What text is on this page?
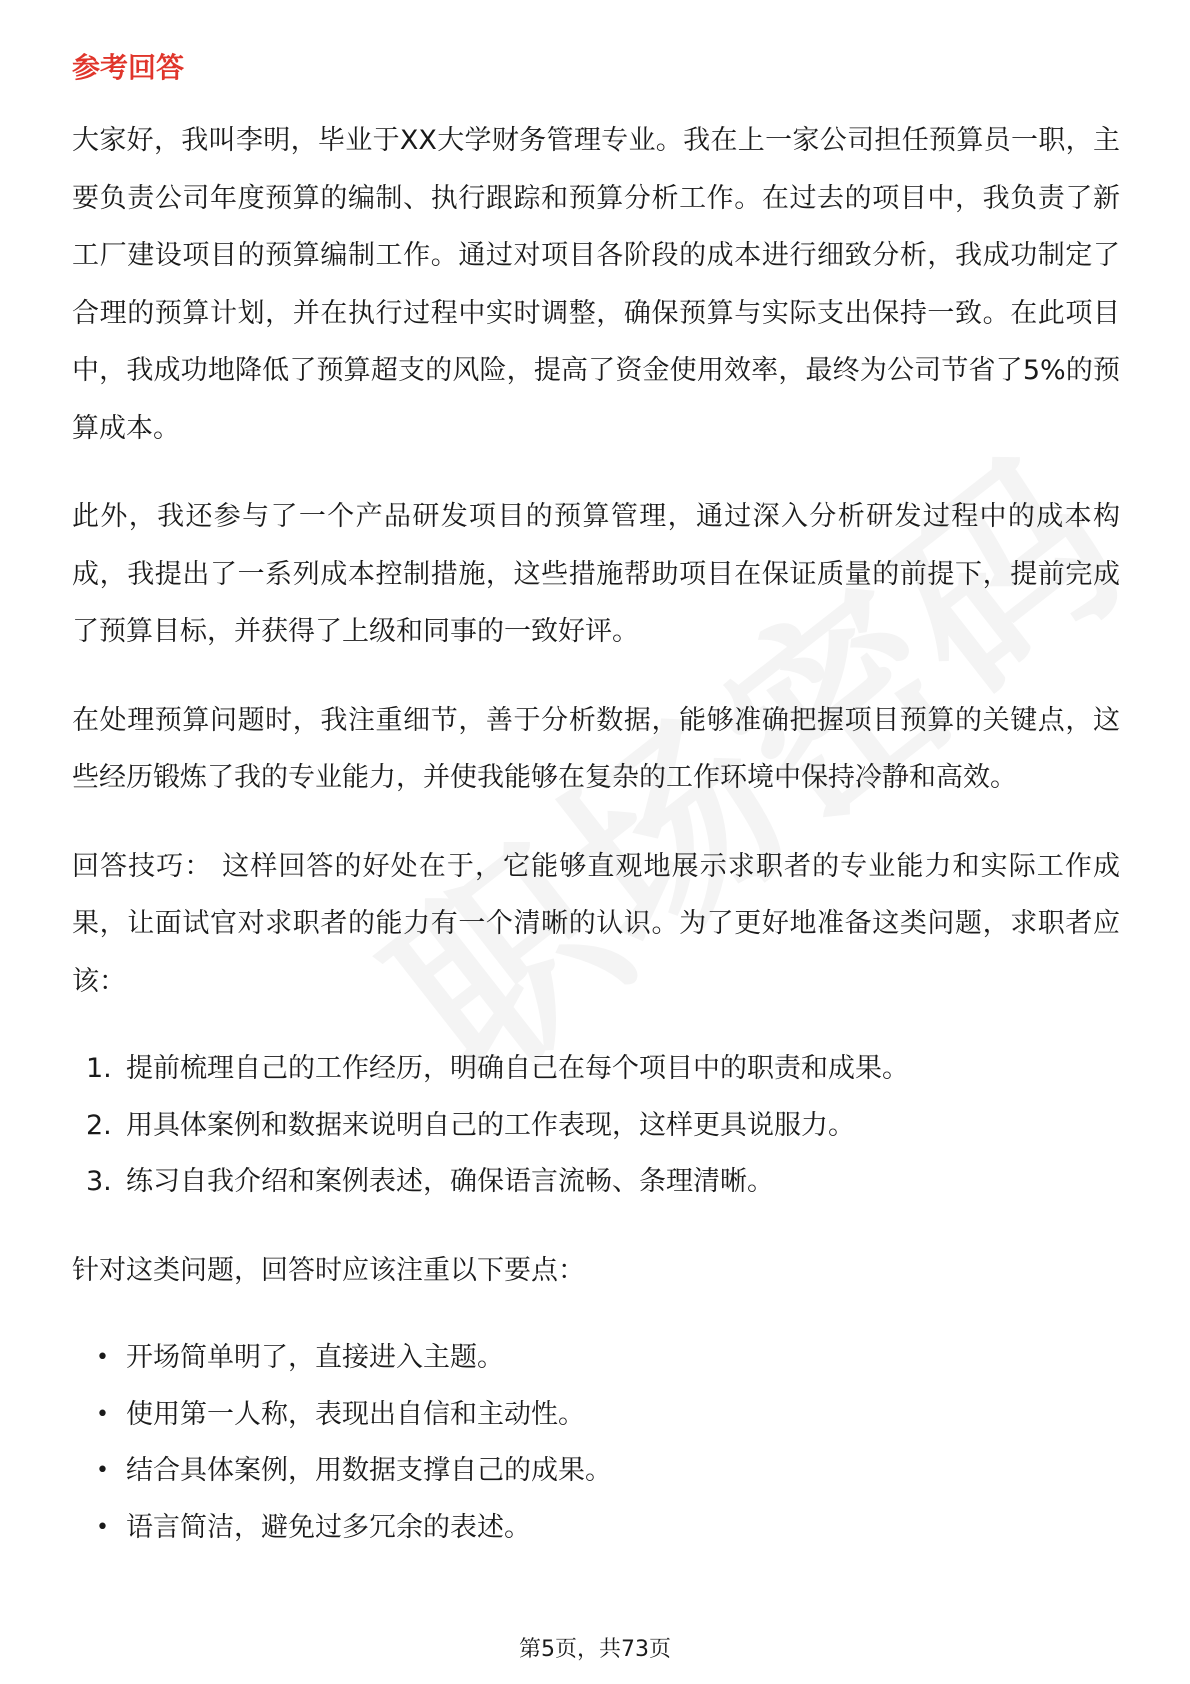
参考回答

大家好，我叫李明，毕业于XX大学财务管理专业。我在上一家公司担任预算员一职，主要负责公司年度预算的编制、执行跟踪和预算分析工作。在过去的项目中，我负责了新工厂建设项目的预算编制工作。通过对项目各阶段的成本进行细致分析，我成功制定了合理的预算计划，并在执行过程中实时调整，确保预算与实际支出保持一致。在此项目中，我成功地降低了预算超支的风险，提高了资金使用效率，最终为公司节省了5%的预算成本。

此外，我还参与了一个产品研发项目的预算管理，通过深入分析研发过程中的成本构成，我提出了一系列成本控制措施，这些措施帮助项目在保证质量的前提下，提前完成了预算目标，并获得了上级和同事的一致好评。

在处理预算问题时，我注重细节，善于分析数据，能够准确把握项目预算的关键点，这些经历锻炼了我的专业能力，并使我能够在复杂的工作环境中保持冷静和高效。

回答技巧： 这样回答的好处在于，它能够直观地展示求职者的专业能力和实际工作成果，让面试官对求职者的能力有一个清晰的认识。为了更好地准备这类问题，求职者应该：

1. 提前梳理自己的工作经历，明确自己在每个项目中的职责和成果。
2. 用具体案例和数据来说明自己的工作表现，这样更具说服力。
3. 练习自我介绍和案例表述，确保语言流畅、条理清晰。

针对这类问题，回答时应该注重以下要点：

• 开场简单明了，直接进入主题。
• 使用第一人称，表现出自信和主动性。
• 结合具体案例，用数据支撑自己的成果。
• 语言简洁，避免过多冗余的表述。
第5页，共73页
